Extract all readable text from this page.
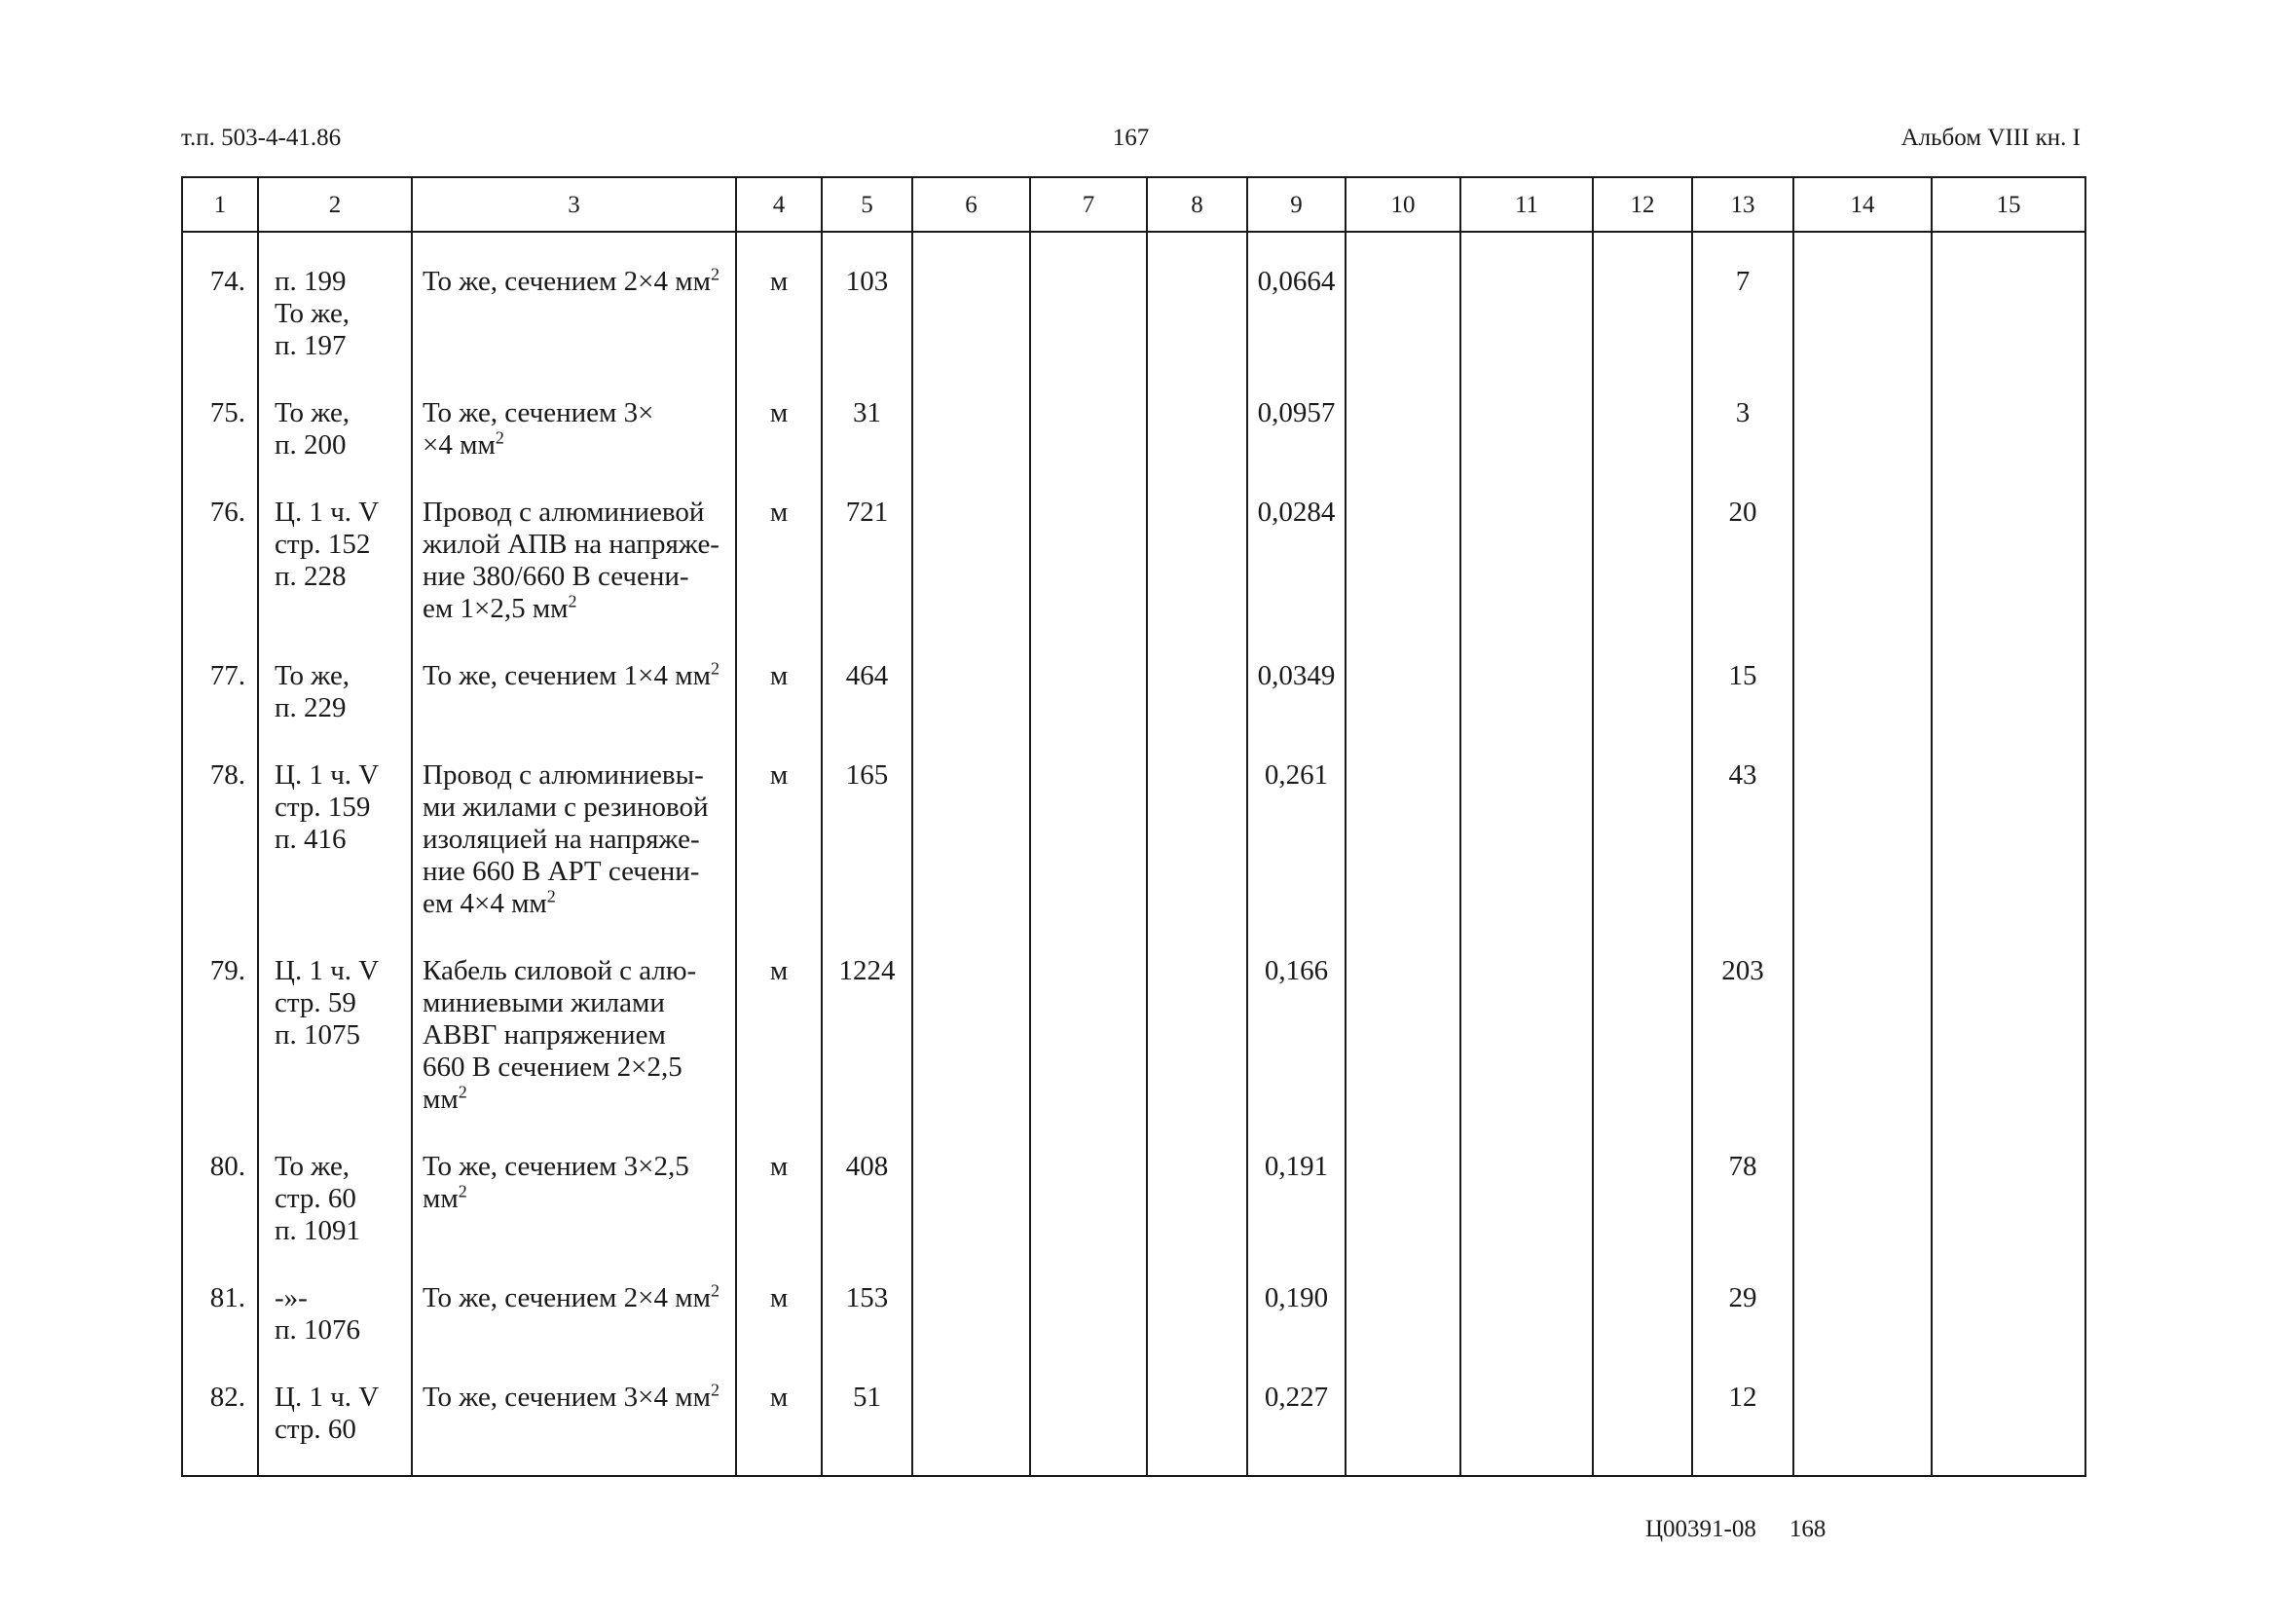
т.п. 503-4-41.86	167	Альбом VIII кн. I
1	2	3	4	5	6	7	8	9	10	11	12	13	14	15
74.	п. 199
То же,
п. 197	То же, сечением 2×4 $мм^2$	м	103				0,0664				7		
75.	То же,
п. 200	То же, сечением 3×
×4 $мм^2$	м	31				0,0957				3		
76.	Ц. 1 ч. V
стр. 152
п. 228	Провод с алюминиевой
жилой АПВ на напряже-
ние 380/660 В сечени-
ем 1×2,5 $мм^2$	м	721				0,0284				20		
77.	То же,
п. 229	То же, сечением 1×4 $мм^2$	м	464				0,0349				15		
78.	Ц. 1 ч. V
стр. 159
п. 416	Провод с алюминиевы-
ми жилами с резиновой
изоляцией на напряже-
ние 660 В АРТ сечени-
ем 4×4 $мм^2$	м	165				0,261				43		
79.	Ц. 1 ч. V
стр. 59
п. 1075	Кабель силовой с алю-
миниевыми жилами
АВВГ напряжением
660 В сечением 2×2,5 $мм^2$	м	1224				0,166				203		
80.	То же,
стр. 60
п. 1091	То же, сечением 3×2,5 $мм^2$	м	408				0,191				78		
81.	-»-
п. 1076	То же, сечением 2×4 $мм^2$	м	153				0,190				29		
82.	Ц. 1 ч. V
стр. 60	То же, сечением 3×4 $мм^2$	м	51				0,227				12		
Ц00391-08 168
